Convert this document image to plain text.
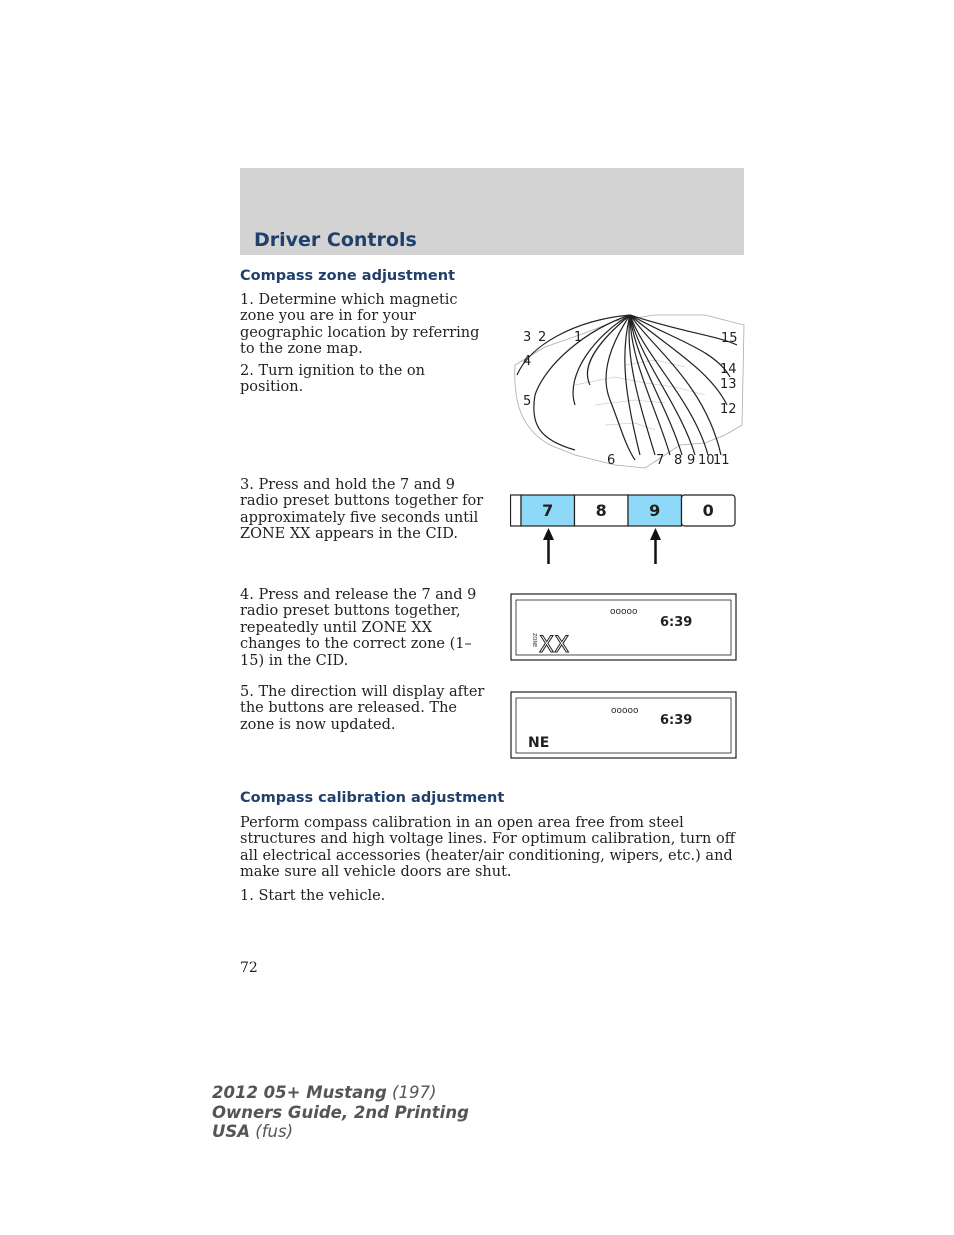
Driver Controls
Compass zone adjustment

1. Determine which magnetic zone you are in for your geographic location by referring to the zone map.

2. Turn ignition to the on position.

3. Press and hold the 7 and 9 radio preset buttons together for approximately five seconds until ZONE XX appears in the CID.

4. Press and release the 7 and 9 radio preset buttons together, repeatedly until ZONE XX changes to the correct zone (1–15) in the CID.

5. The direction will display after the buttons are released. The zone is now updated.

3 2 1
4
5
6	7 8 9 10
11
12
13
14
15
7	8	9	0
ooooo
6:39
ZONE XX
ooooo
6:39
NE
Compass calibration adjustment

Perform compass calibration in an open area free from steel structures and high voltage lines. For optimum calibration, turn off all electrical accessories (heater/air conditioning, wipers, etc.) and make sure all vehicle doors are shut.

1. Start the vehicle.

72

2012 05+ Mustang (197)
Owners Guide, 2nd Printing
USA (fus)
